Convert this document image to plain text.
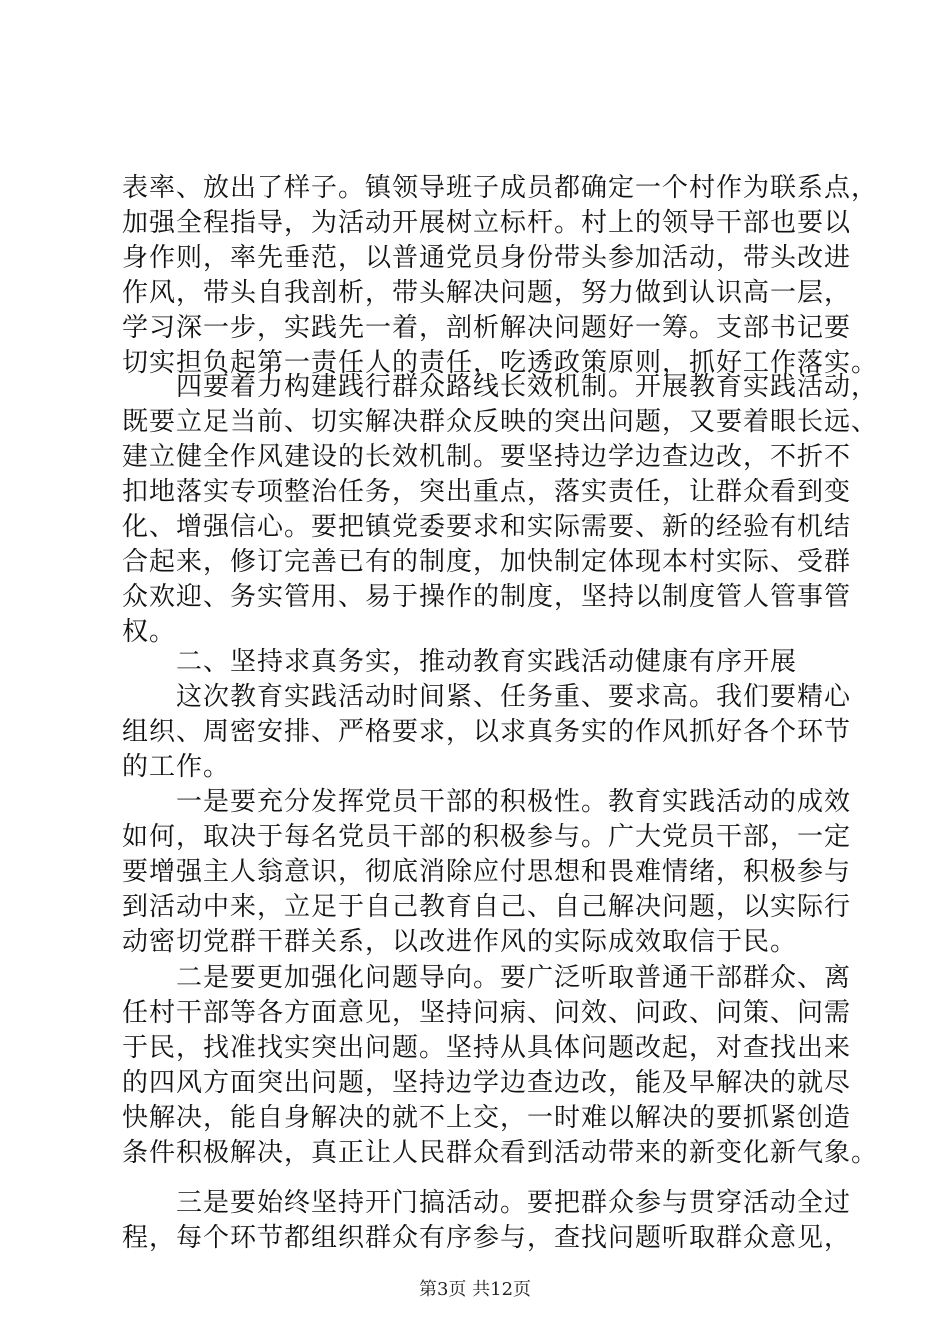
表率、放出了样子。镇领导班子成员都确定一个村作为联系点，
加强全程指导，为活动开展树立标杆。村上的领导干部也要以
身作则，率先垂范，以普通党员身份带头参加活动，带头改进
作风，带头自我剖析，带头解决问题，努力做到认识高一层，
学习深一步，实践先一着，剖析解决问题好一筹。支部书记要
切实担负起第一责任人的责任，吃透政策原则，抓好工作落实。
　　四要着力构建践行群众路线长效机制。开展教育实践活动，
既要立足当前、切实解决群众反映的突出问题，又要着眼长远、
建立健全作风建设的长效机制。要坚持边学边查边改，不折不
扣地落实专项整治任务，突出重点，落实责任，让群众看到变
化、增强信心。要把镇党委要求和实际需要、新的经验有机结
合起来，修订完善已有的制度，加快制定体现本村实际、受群
众欢迎、务实管用、易于操作的制度，坚持以制度管人管事管
权。
　　二、坚持求真务实，推动教育实践活动健康有序开展
　　这次教育实践活动时间紧、任务重、要求高。我们要精心
组织、周密安排、严格要求，以求真务实的作风抓好各个环节
的工作。
　　一是要充分发挥党员干部的积极性。教育实践活动的成效
如何，取决于每名党员干部的积极参与。广大党员干部，一定
要增强主人翁意识，彻底消除应付思想和畏难情绪，积极参与
到活动中来，立足于自己教育自己、自己解决问题，以实际行
动密切党群干群关系，以改进作风的实际成效取信于民。
　　二是要更加强化问题导向。要广泛听取普通干部群众、离
任村干部等各方面意见，坚持问病、问效、问政、问策、问需
于民，找准找实突出问题。坚持从具体问题改起，对查找出来
的四风方面突出问题，坚持边学边查边改，能及早解决的就尽
快解决，能自身解决的就不上交，一时难以解决的要抓紧创造
条件积极解决，真正让人民群众看到活动带来的新变化新气象。
　　三是要始终坚持开门搞活动。要把群众参与贯穿活动全过
程，每个环节都组织群众有序参与，查找问题听取群众意见，
第3页 共12页
